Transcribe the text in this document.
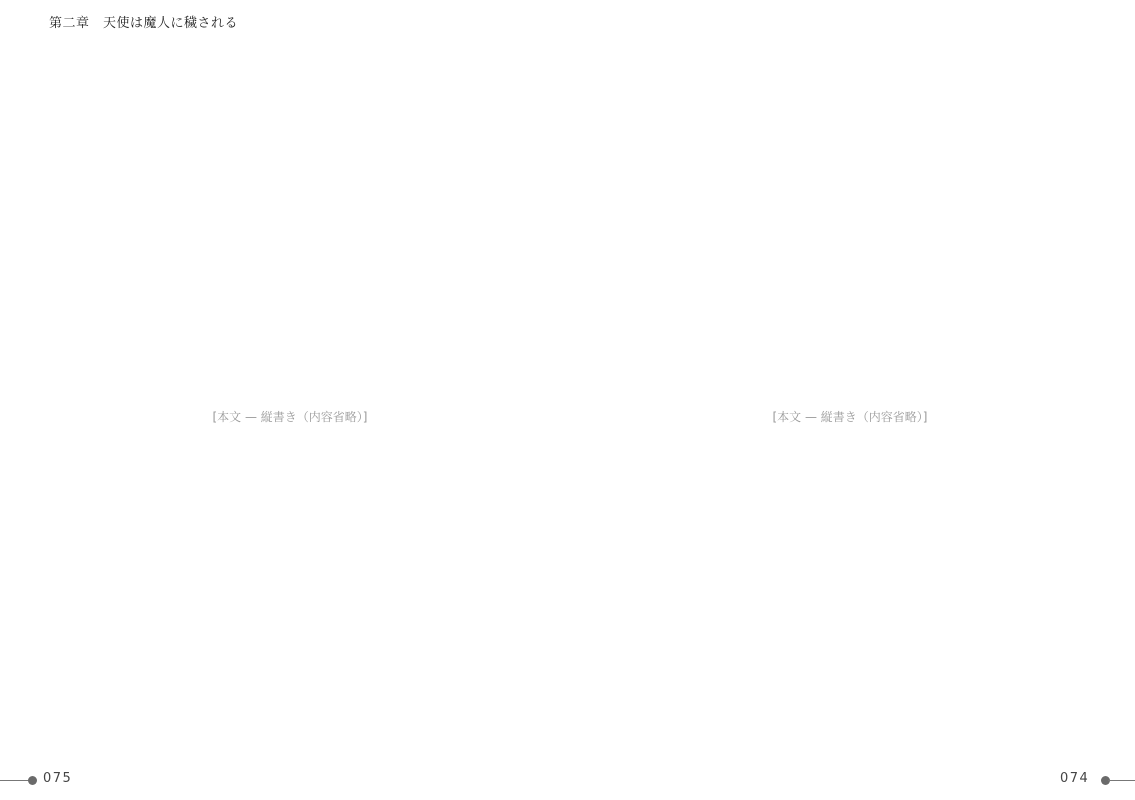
第二章　天使は魔人に穢される
[本文 — 縦書き（内容省略）]	[本文 — 縦書き（内容省略）]
075	074
